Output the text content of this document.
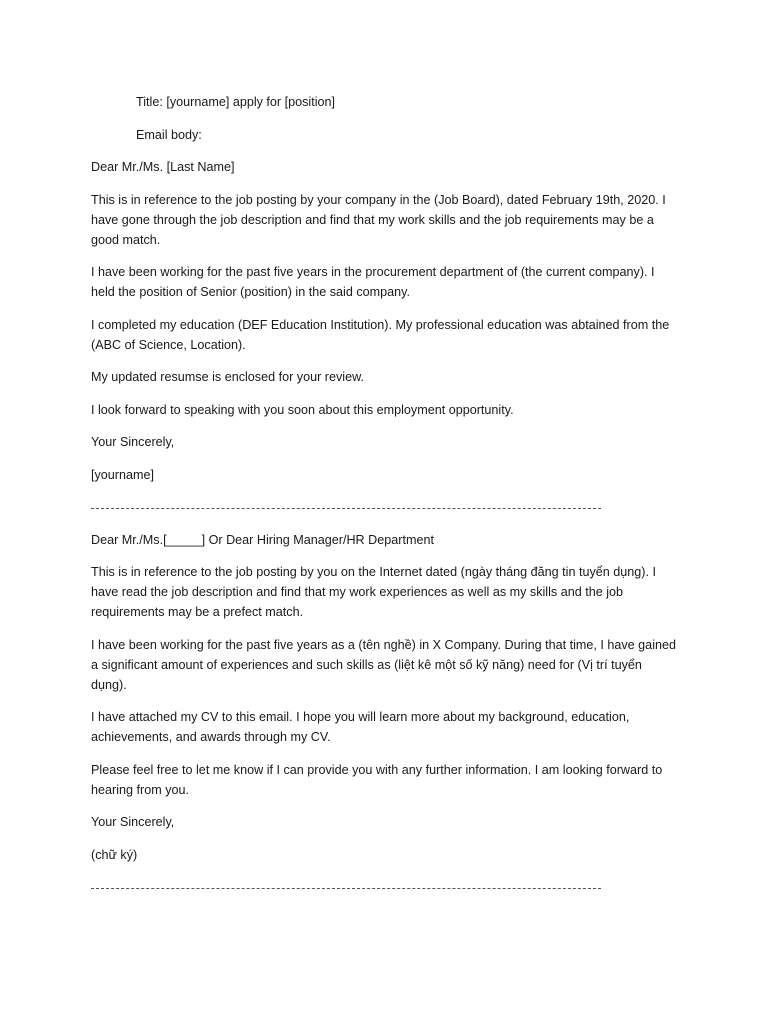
Title: [yourname] apply for [position]
Email body:
Dear Mr./Ms. [Last Name]
This is in reference to the job posting by your company in the (Job Board), dated February 19th, 2020. I have gone through the job description and find that my work skills and the job requirements may be a good match.
I have been working for the past five years in the procurement department of (the current company). I held the position of Senior (position) in the said company.
I completed my education (DEF Education Institution). My professional education was abtained from the (ABC of Science, Location).
My updated resumse is enclosed for your review.
I look forward to speaking with you soon about this employment opportunity.
Your Sincerely,
[yourname]
Dear Mr./Ms.[_____] Or Dear Hiring Manager/HR Department
This is in reference to the job posting by you on the Internet dated (ngày tháng đăng tin tuyển dụng). I have read the job description and find that my work experiences as well as my skills and the job requirements may be a prefect match.
I have been working for the past five years as a (tên nghề) in X Company. During that time, I have gained a significant amount of experiences and such skills as (liệt kê một số kỹ năng) need for (Vị trí tuyển dụng).
I have attached my CV to this email. I hope you will learn more about my background, education, achievements, and awards through my CV.
Please feel free to let me know if I can provide you with any further information. I am looking forward to hearing from you.
Your Sincerely,
(chữ ký)
